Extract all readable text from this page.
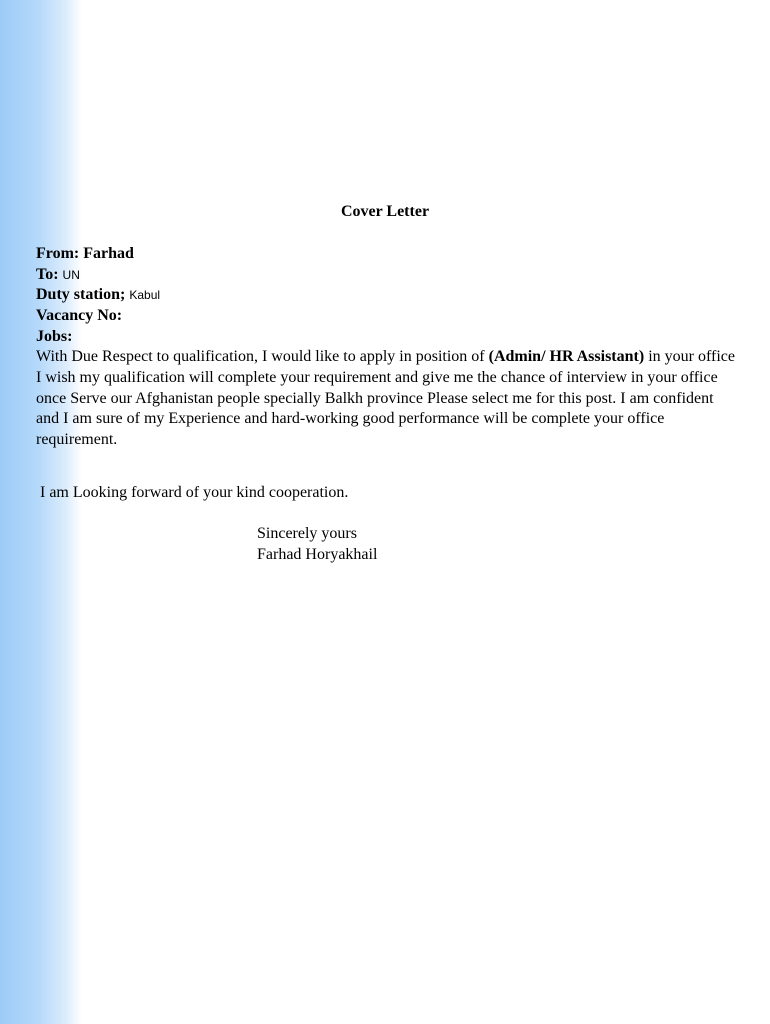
Cover Letter
From: Farhad
To: UN
Duty station; Kabul
Vacancy No:
Jobs:
With Due Respect to qualification, I would like to apply in position of (Admin/ HR Assistant) in your office I wish my qualification will complete your requirement and give me the chance of interview in your office once Serve our Afghanistan people specially Balkh province Please select me for this post. I am confident and I am sure of my Experience and hard-working good performance will be complete your office requirement.
I am Looking forward of your kind cooperation.
Sincerely yours
Farhad Horyakhail
